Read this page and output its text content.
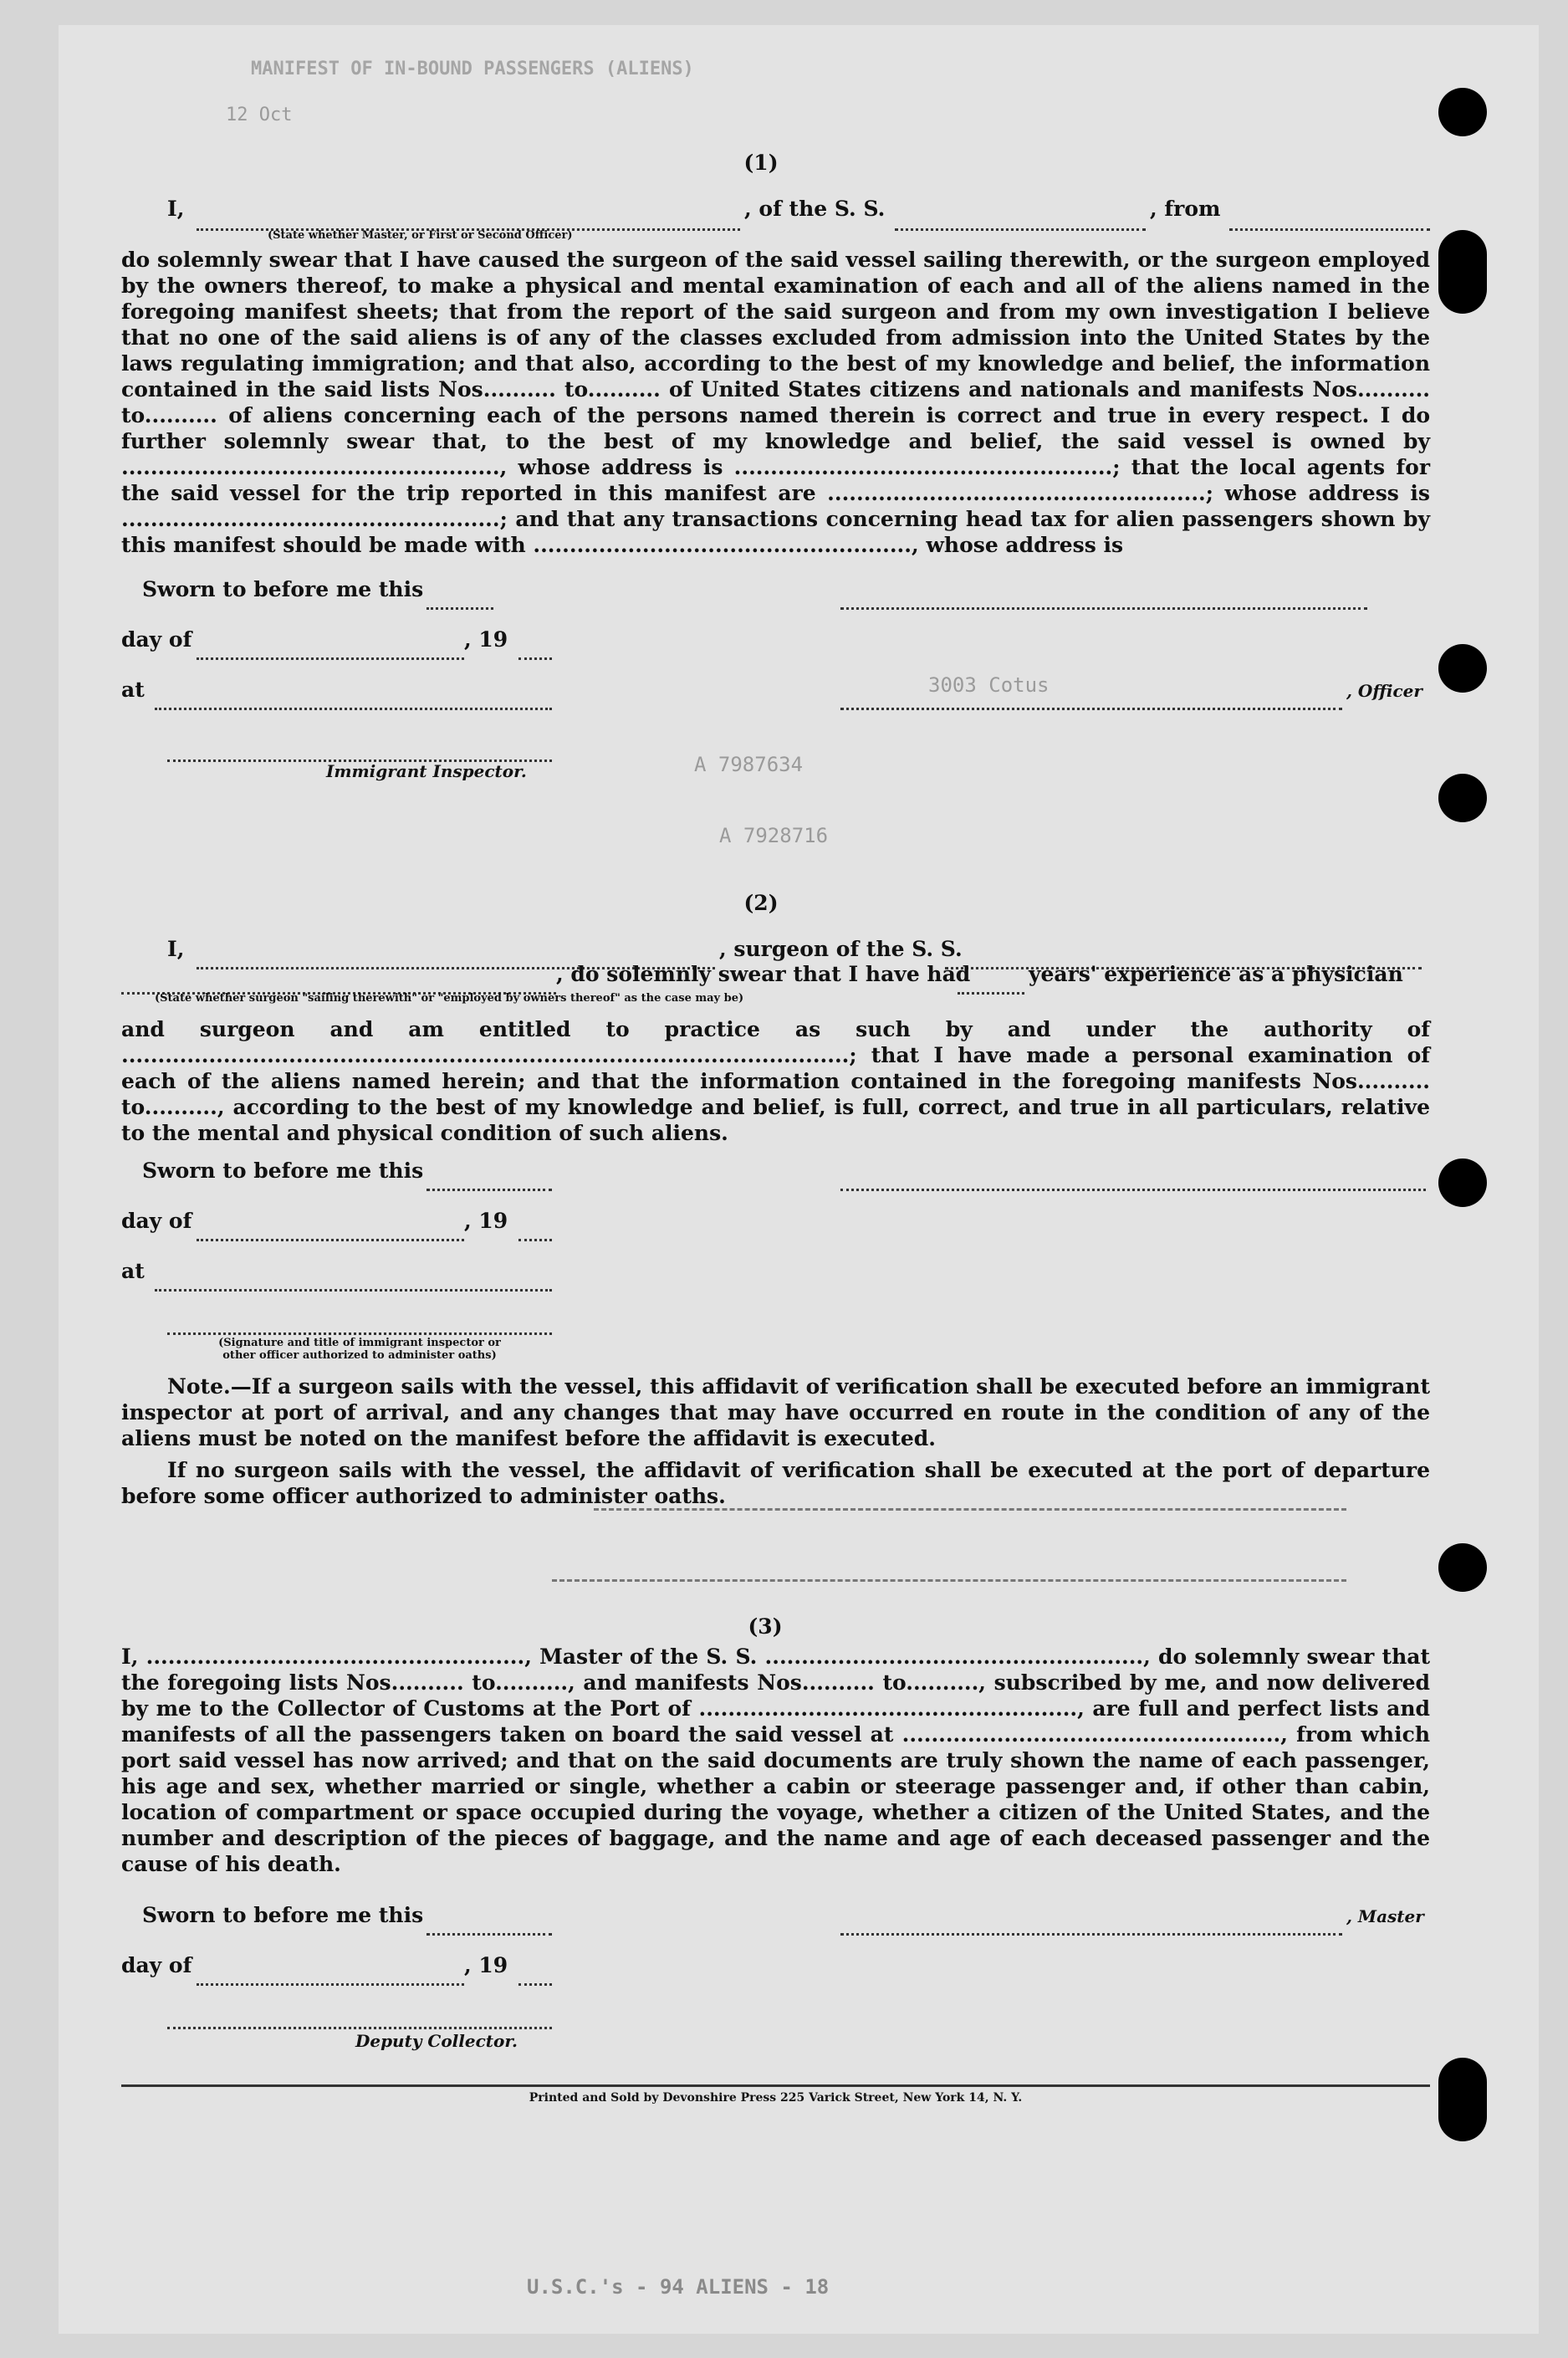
MANIFEST OF IN-BOUND PASSENGERS (ALIENS)
12 Oct
(1)
I,	, of the S. S.	, from
(State whether Master, or First or Second Officer)
do solemnly swear that I have caused the surgeon of the said vessel sailing therewith, or the surgeon employed by the owners thereof, to make a physical and mental examination of each and all of the aliens named in the foregoing manifest sheets; that from the report of the said surgeon and from my own investigation I believe that no one of the said aliens is of any of the classes excluded from admission into the United States by the laws regulating immigration; and that also, according to the best of my knowledge and belief, the information contained in the said lists Nos.......... to.......... of United States citizens and nationals and manifests Nos.......... to.......... of aliens concerning each of the persons named therein is correct and true in every respect. I do further solemnly swear that, to the best of my knowledge and belief, the said vessel is owned by ...................................................., whose address is ....................................................; that the local agents for the said vessel for the trip reported in this manifest are ....................................................; whose address is ....................................................; and that any transactions concerning head tax for alien passengers shown by this manifest should be made with ...................................................., whose address is
Sworn to before me this
day of	, 19
at	, Officer
Immigrant Inspector.
(2)
I,	, surgeon of the S. S.
, do solemnly swear that I have had	years' experience as a physician
(State whether surgeon "sailing therewith" or "employed by owners thereof" as the case may be)
and surgeon and am entitled to practice as such by and under the authority of ....................................................................................................; that I have made a personal examination of each of the aliens named herein; and that the information contained in the foregoing manifests Nos.......... to.........., according to the best of my knowledge and belief, is full, correct, and true in all particulars, relative to the mental and physical condition of such aliens.
Sworn to before me this
day of	, 19
at
(Signature and title of immigrant inspector or
other officer authorized to administer oaths)
Note.—If a surgeon sails with the vessel, this affidavit of verification shall be executed before an immigrant inspector at port of arrival, and any changes that may have occurred en route in the condition of any of the aliens must be noted on the manifest before the affidavit is executed.
If no surgeon sails with the vessel, the affidavit of verification shall be executed at the port of departure before some officer authorized to administer oaths.
(3)
I, ...................................................., Master of the S. S. ...................................................., do solemnly swear that the foregoing lists Nos.......... to.........., and manifests Nos.......... to.........., subscribed by me, and now delivered by me to the Collector of Customs at the Port of ...................................................., are full and perfect lists and manifests of all the passengers taken on board the said vessel at ...................................................., from which port said vessel has now arrived; and that on the said documents are truly shown the name of each passenger, his age and sex, whether married or single, whether a cabin or steerage passenger and, if other than cabin, location of compartment or space occupied during the voyage, whether a citizen of the United States, and the number and description of the pieces of baggage, and the name and age of each deceased passenger and the cause of his death.
Sworn to before me this	, Master
day of	, 19
Deputy Collector.
Printed and Sold by Devonshire Press 225 Varick Street, New York 14, N. Y.
A 7987634
A 7928716
3003 Cotus
U.S.C.'s - 94 ALIENS - 18
